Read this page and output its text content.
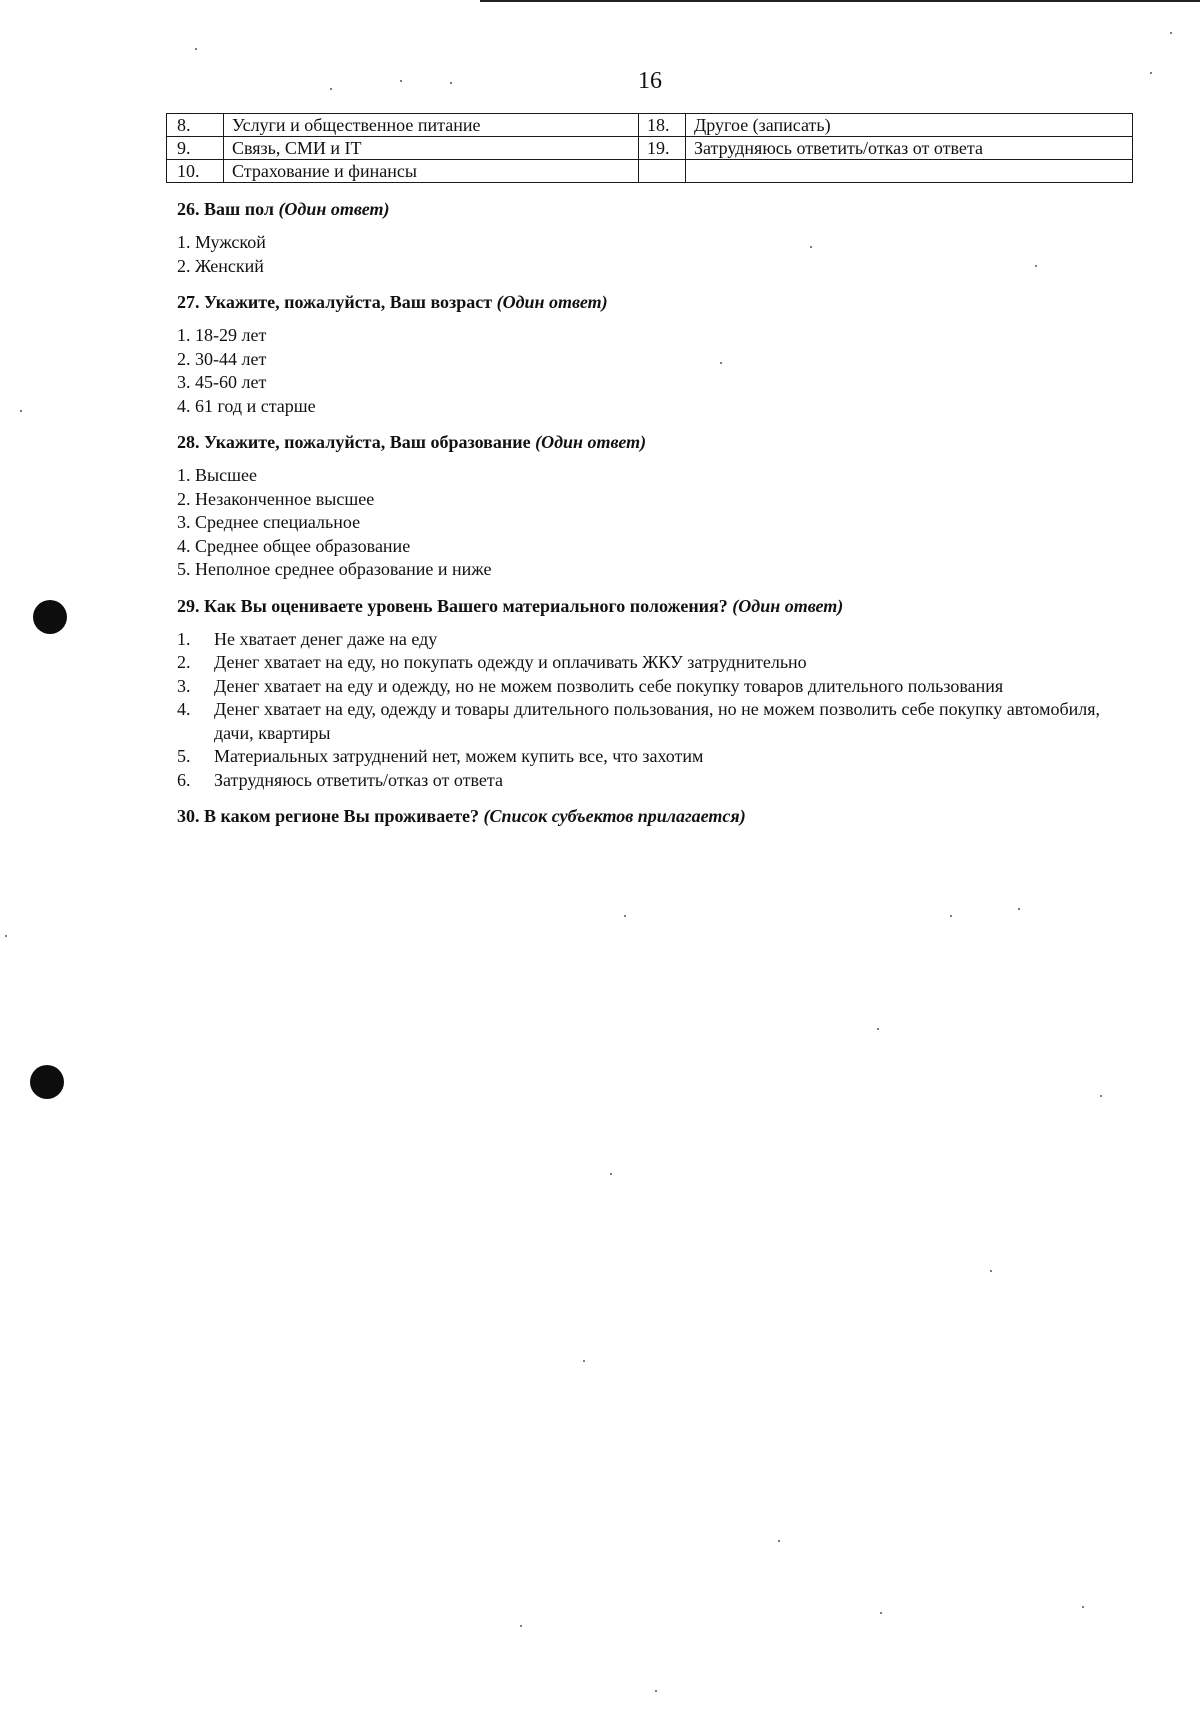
16
8.	Услуги и общественное питание	18.	Другое (записать)
9.	Связь, СМИ и IT	19.	Затрудняюсь ответить/отказ от ответа
10.	Страхование и финансы		
26. Ваш пол (Один ответ)
1. Мужской
2. Женский
27. Укажите, пожалуйста, Ваш возраст (Один ответ)
1. 18-29 лет
2. 30-44 лет
3. 45-60 лет
4. 61 год и старше
28. Укажите, пожалуйста, Ваш образование (Один ответ)
1. Высшее
2. Незаконченное высшее
3. Среднее специальное
4. Среднее общее образование
5. Неполное среднее образование и ниже
29. Как Вы оцениваете уровень Вашего материального положения? (Один ответ)
1.	Не хватает денег даже на еду
2.	Денег хватает на еду, но покупать одежду и оплачивать ЖКУ затруднительно
3.	Денег хватает на еду и одежду, но не можем позволить себе покупку товаров длительного пользования
4.	Денег хватает на еду, одежду и товары длительного пользования, но не можем позволить себе покупку автомобиля, дачи, квартиры
5.	Материальных затруднений нет, можем купить все, что захотим
6.	Затрудняюсь ответить/отказ от ответа
30. В каком регионе Вы проживаете? (Список субъектов прилагается)
